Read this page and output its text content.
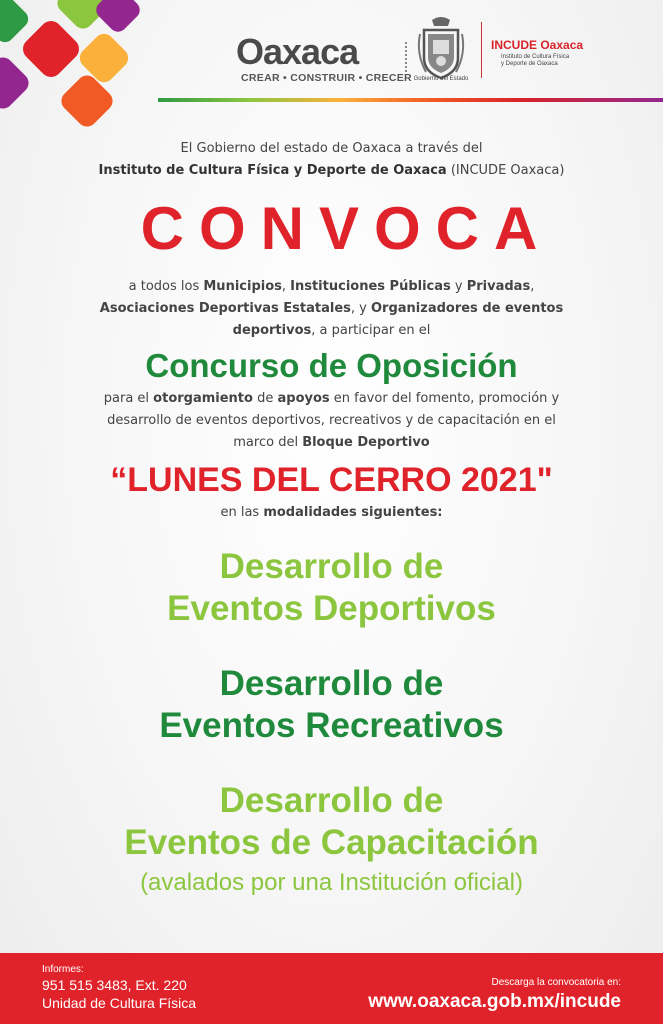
Oaxaca
CREAR • CONSTRUIR • CRECER Gobierno del Estado
INCUDE Oaxaca
Instituto de Cultura Física
y Deporte de Oaxaca
El Gobierno del estado de Oaxaca a través del
Instituto de Cultura Física y Deporte de Oaxaca (INCUDE Oaxaca)
CONVOCA
a todos los Municipios, Instituciones Públicas y Privadas,
Asociaciones Deportivas Estatales, y Organizadores de eventos
deportivos, a participar en el
Concurso de Oposición
para el otorgamiento de apoyos en favor del fomento, promoción y
desarrollo de eventos deportivos, recreativos y de capacitación en el
marco del Bloque Deportivo
“LUNES DEL CERRO 2021"
en las modalidades siguientes:
Desarrollo de
Eventos Deportivos
Desarrollo de
Eventos Recreativos
Desarrollo de
Eventos de Capacitación
(avalados por una Institución oficial)
Informes:
951 515 3483, Ext. 220
Unidad de Cultura Física
Descarga la convocatoria en:
www.oaxaca.gob.mx/incude
